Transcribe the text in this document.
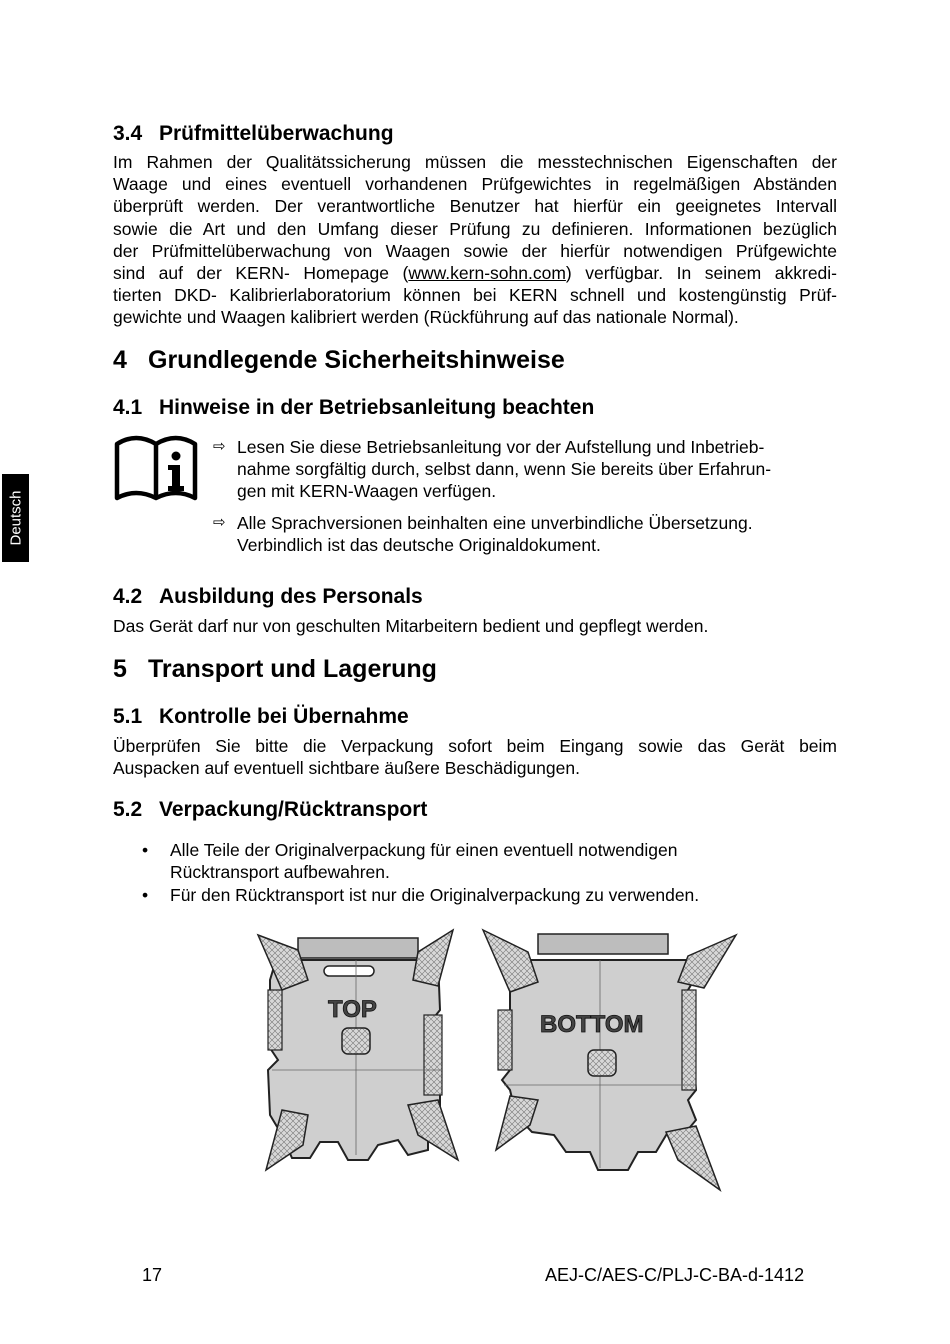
Deutsch
3.4 Prüfmittelüberwachung
Im Rahmen der Qualitätssicherung müssen die messtechnischen Eigenschaften der
Waage und eines eventuell vorhandenen Prüfgewichtes in regelmäßigen Abständen
überprüft werden. Der verantwortliche Benutzer hat hierfür ein geeignetes Intervall
sowie die Art und den Umfang dieser Prüfung zu definieren. Informationen bezüglich
der Prüfmittelüberwachung von Waagen sowie der hierfür notwendigen Prüfgewichte
sind auf der KERN- Homepage (www.kern-sohn.com) verfügbar. In seinem akkredi-
tierten DKD- Kalibrierlaboratorium können bei KERN schnell und kostengünstig Prüf-
gewichte und Waagen kalibriert werden (Rückführung auf das nationale Normal).
4 Grundlegende Sicherheitshinweise
4.1 Hinweise in der Betriebsanleitung beachten
⇨ Lesen Sie diese Betriebsanleitung vor der Aufstellung und Inbetrieb-
nahme sorgfältig durch, selbst dann, wenn Sie bereits über Erfahrun-
gen mit KERN-Waagen verfügen.
⇨ Alle Sprachversionen beinhalten eine unverbindliche Übersetzung.
Verbindlich ist das deutsche Originaldokument.
4.2 Ausbildung des Personals

Das Gerät darf nur von geschulten Mitarbeitern bedient und gepflegt werden.

5 Transport und Lagerung
5.1 Kontrolle bei Übernahme
Überprüfen Sie bitte die Verpackung sofort beim Eingang sowie das Gerät beim
Auspacken auf eventuell sichtbare äußere Beschädigungen.
5.2 Verpackung/Rücktransport
• Alle Teile der Originalverpackung für einen eventuell notwendigen
Rücktransport aufbewahren.
• Für den Rücktransport ist nur die Originalverpackung zu verwenden.
TOP
BOTTOM
17	AEJ-C/AES-C/PLJ-C-BA-d-1412
